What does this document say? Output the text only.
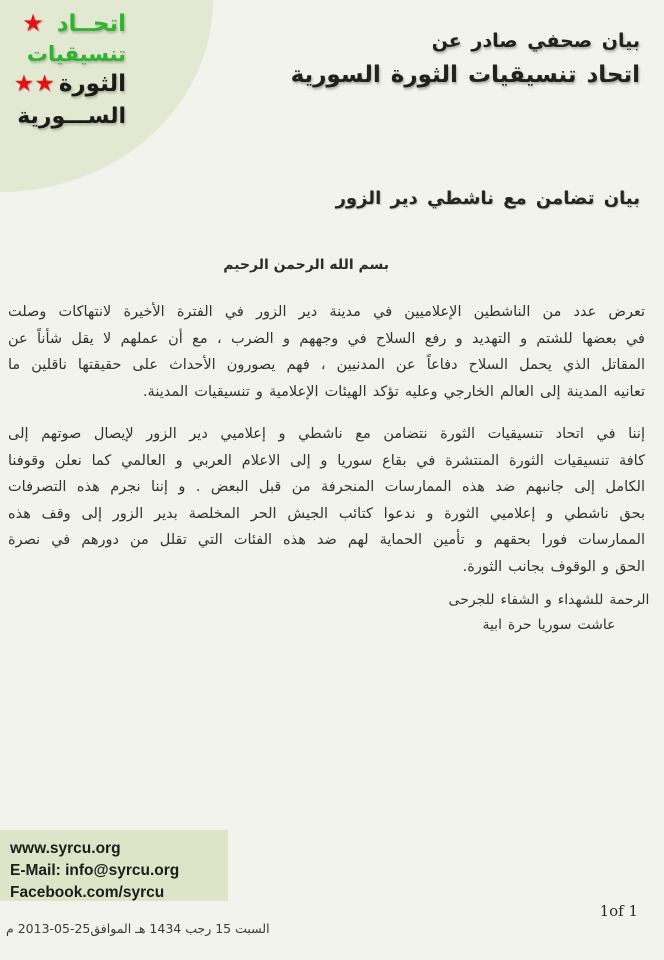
اتحــاد★
تنسيقيات
الثورة★★
الســـورية
بيان صحفي صادر عن
اتحاد تنسيقيات الثورة السورية
بيان تضامن مع ناشطي دير الزور
بسم الله الرحمن الرحيم
تعرض عدد من الناشطين الإعلاميين في مدينة دير الزور في الفترة الأخيرة لانتهاكات وصلت
في بعضها للشتم و التهديد و رفع السلاح في وجههم و الضرب ، مع أن عملهم لا يقل شأناً عن
المقاتل الذي يحمل السلاح دفاعاً عن المدنيين ، فهم يصورون الأحداث على حقيقتها ناقلين ما
تعانيه المدينة إلى العالم الخارجي وعليه تؤكد الهيئات الإعلامية و تنسيقيات المدينة.
إننا في اتحاد تنسيقيات الثورة نتضامن مع ناشطي و إعلاميي دير الزور لإيصال صوتهم إلى
كافة تنسيقيات الثورة المنتشرة في بقاع سوريا و إلى الاعلام العربي و العالمي كما نعلن وقوفنا
الكامل إلى جانبهم ضد هذه الممارسات المنحرفة من قبل البعض . و إننا نجرم هذه التصرفات
بحق ناشطي و إعلاميي الثورة و ندعوا كتائب الجيش الحر المخلصة بدير الزور إلى وقف هذه
الممارسات فورا بحقهم و تأمين الحماية لهم ضد هذه الفئات التي تقلل من دورهم في نصرة
الحق و الوقوف بجانب الثورة.
الرحمة للشهداء و الشفاء للجرحى
عاشت سوريا حرة ابية
www.syrcu.org
E-Mail: info@syrcu.org
Facebook.com/syrcu
1of 1
السبت 15 رجب 1434 هـ الموافق25-05-2013 م
